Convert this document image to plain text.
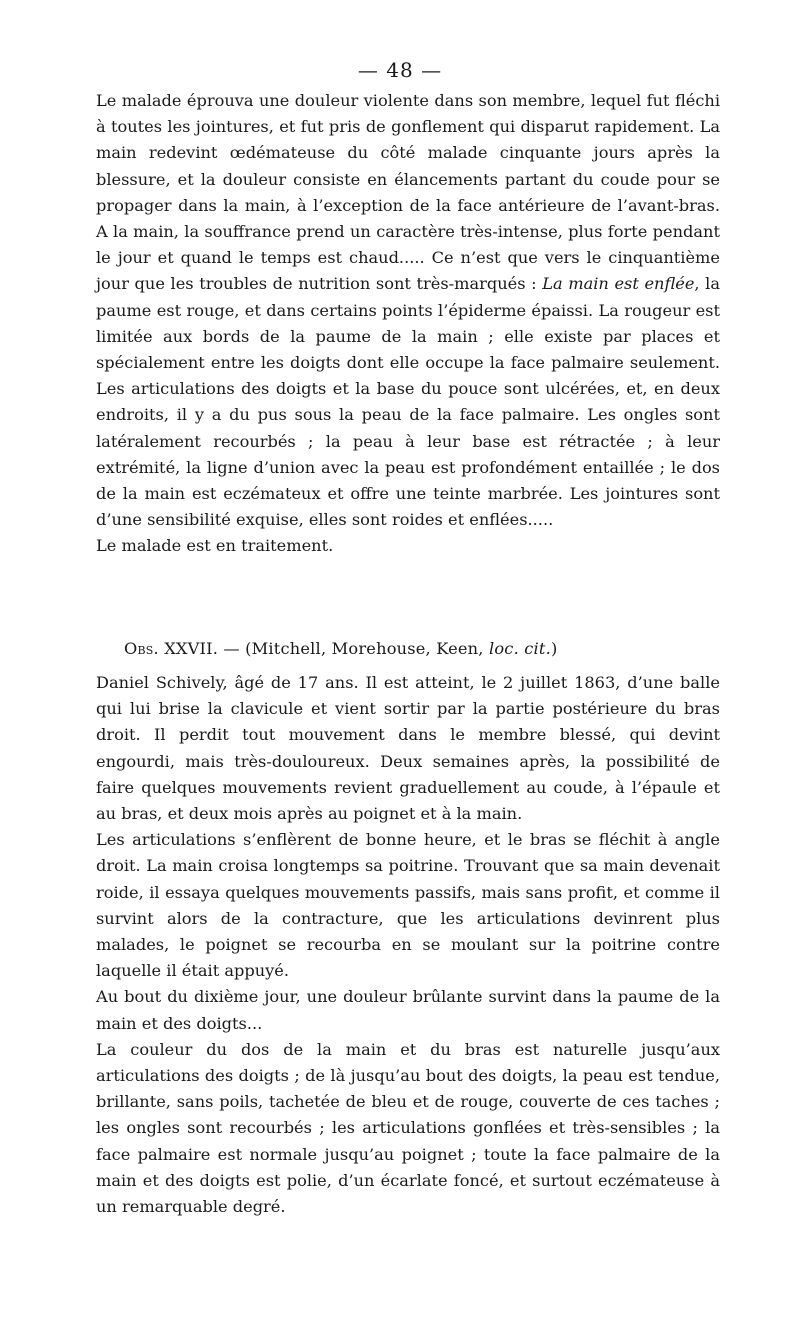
— 48 —

Le malade éprouva une douleur violente dans son membre, lequel fut fléchi à toutes les jointures, et fut pris de gonflement qui disparut rapidement. La main redevint œdémateuse du côté malade cinquante jours après la blessure, et la douleur consiste en élancements partant du coude pour se propager dans la main, à l’exception de la face antérieure de l’avant-bras. A la main, la souffrance prend un caractère très-intense, plus forte pendant le jour et quand le temps est chaud..... Ce n’est que vers le cinquantième jour que les troubles de nutrition sont très-marqués : La main est enflée, la paume est rouge, et dans certains points l’épiderme épaissi. La rougeur est limitée aux bords de la paume de la main ; elle existe par places et spécialement entre les doigts dont elle occupe la face palmaire seulement. Les articulations des doigts et la base du pouce sont ulcérées, et, en deux endroits, il y a du pus sous la peau de la face palmaire. Les ongles sont latéralement recourbés ; la peau à leur base est rétractée ; à leur extrémité, la ligne d’union avec la peau est profondément entaillée ; le dos de la main est eczémateux et offre une teinte marbrée. Les jointures sont d’une sensibilité exquise, elles sont roides et enflées.....

Le malade est en traitement.

Obs. XXVII. — (Mitchell, Morehouse, Keen, loc. cit.)

Daniel Schively, âgé de 17 ans. Il est atteint, le 2 juillet 1863, d’une balle qui lui brise la clavicule et vient sortir par la partie postérieure du bras droit. Il perdit tout mouvement dans le membre blessé, qui devint engourdi, mais très-douloureux. Deux semaines après, la possibilité de faire quelques mouvements revient graduellement au coude, à l’épaule et au bras, et deux mois après au poignet et à la main.

Les articulations s’enflèrent de bonne heure, et le bras se fléchit à angle droit. La main croisa longtemps sa poitrine. Trouvant que sa main devenait roide, il essaya quelques mouvements passifs, mais sans profit, et comme il survint alors de la contracture, que les articulations devinrent plus malades, le poignet se recourba en se moulant sur la poitrine contre laquelle il était appuyé.

Au bout du dixième jour, une douleur brûlante survint dans la paume de la main et des doigts...

La couleur du dos de la main et du bras est naturelle jusqu’aux articulations des doigts ; de là jusqu’au bout des doigts, la peau est tendue, brillante, sans poils, tachetée de bleu et de rouge, couverte de ces taches ; les ongles sont recourbés ; les articulations gonflées et très-sensibles ; la face palmaire est normale jusqu’au poignet ; toute la face palmaire de la main et des doigts est polie, d’un écarlate foncé, et surtout eczémateuse à un remarquable degré.
